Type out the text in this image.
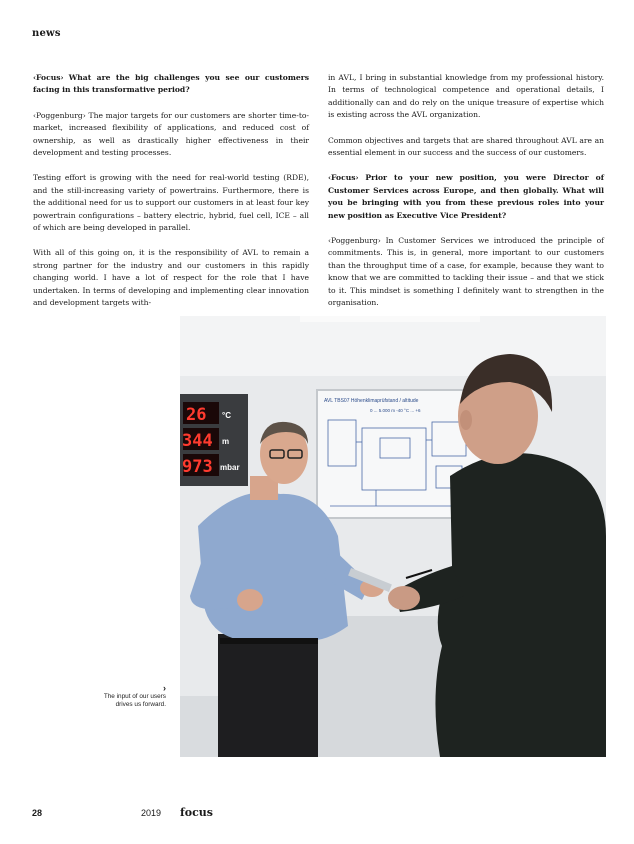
news

‹Focus› What are the big challenges you see our customers facing in this transformative period?

‹Poggenburg› The major targets for our customers are shorter time-to-market, increased flexibility of applications, and reduced cost of ownership, as well as drastically higher effectiveness in their development and testing processes.

Testing effort is growing with the need for real-world testing (RDE), and the still-increasing variety of powertrains. Furthermore, there is the additional need for us to support our customers in at least four key powertrain configurations – battery electric, hybrid, fuel cell, ICE – all of which are being developed in parallel.

With all of this going on, it is the responsibility of AVL to remain a strong partner for the industry and our customers in this rapidly changing world. I have a lot of respect for the role that I have undertaken. In terms of developing and implementing clear innovation and development targets with-

in AVL, I bring in substantial knowledge from my professional history. In terms of technological competence and operational details, I additionally can and do rely on the unique treasure of expertise which is existing across the AVL organization.

Common objectives and targets that are shared throughout AVL are an essential element in our success and the success of our customers.

‹Focus› Prior to your new position, you were Director of Customer Services across Europe, and then globally. What will you be bringing with you from these previous roles into your new position as Executive Vice President?

‹Poggenburg› In Customer Services we introduced the principle of commitments. This is, in general, more important to our customers than the throughput time of a case, for example, because they want to know that we are committed to tackling their issue – and that we stick to it. This mindset is something I definitely want to strengthen in the organisation.

AVL TBS07 Höhenklimaprüfstand / altitude
0 ... 5.000 m -40 °C ... +6
26 °C
344 m
973 mbar
›
The input of our users drives us forward.
28	2019 focus
